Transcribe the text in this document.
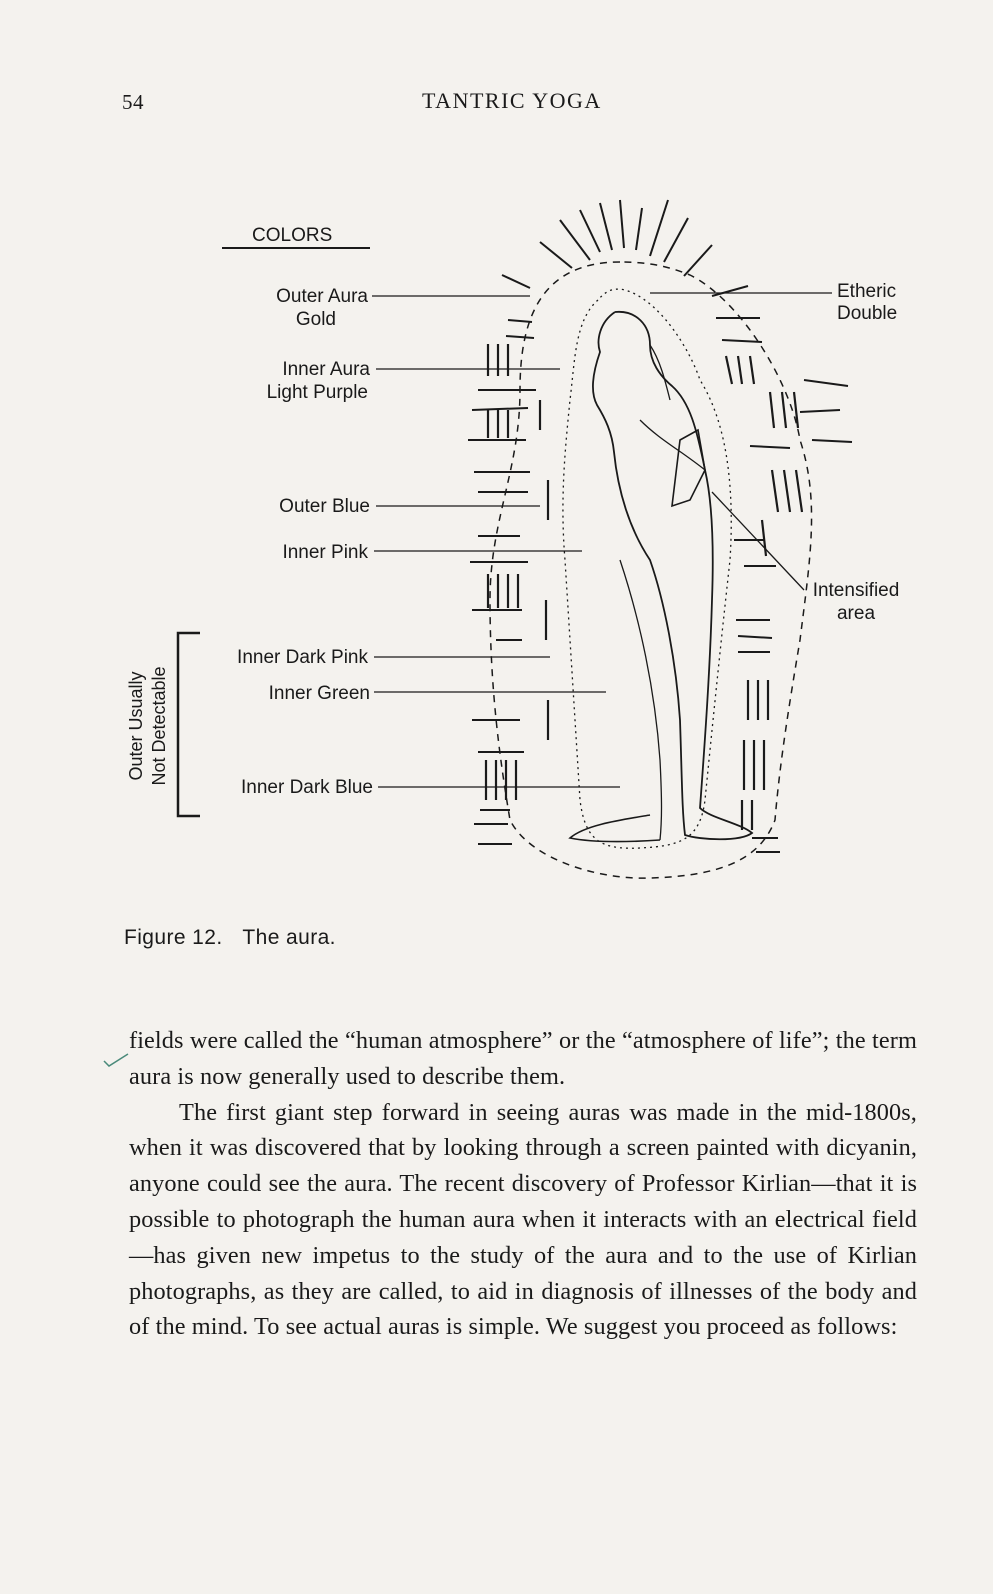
54	TANTRIC YOGA
COLORS
Outer Aura
Gold
Inner Aura
Light Purple
Outer Blue
Inner Pink
Inner Dark Pink
Inner Green
Inner Dark Blue
Etheric
Double
Intensified
area
Outer Usually Not Detectable
Figure 12. The aura.

fields were called the “human atmosphere” or the “atmosphere of life”; the term aura is now generally used to describe them.

The first giant step forward in seeing auras was made in the mid-1800s, when it was discovered that by looking through a screen painted with dicyanin, anyone could see the aura. The recent discovery of Professor Kirlian—that it is possible to photograph the human aura when it interacts with an electrical field—has given new impetus to the study of the aura and to the use of Kirlian photographs, as they are called, to aid in diagnosis of illnesses of the body and of the mind. To see actual auras is simple. We suggest you proceed as follows:
